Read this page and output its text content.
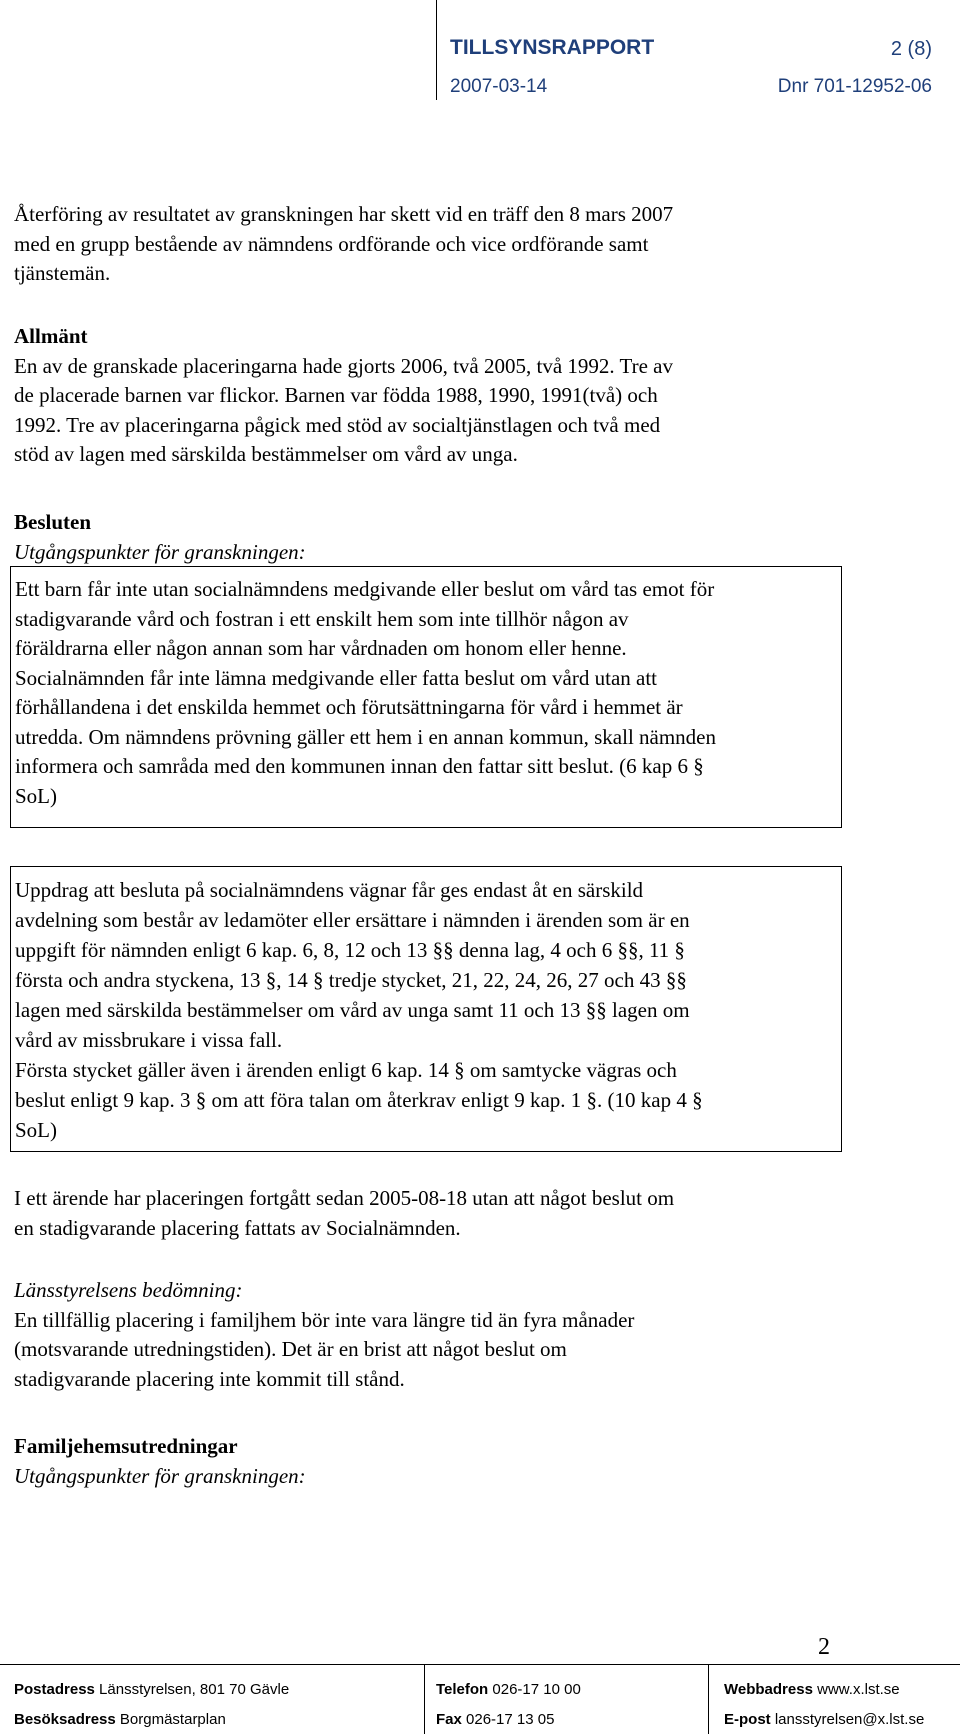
TILLSYNSRAPPORT	2 (8)
2007-03-14	Dnr 701-12952-06
Återföring av resultatet av granskningen har skett vid en träff den 8 mars 2007
med en grupp bestående av nämndens ordförande och vice ordförande samt
tjänstemän.
Allmänt
En av de granskade placeringarna hade gjorts 2006, två 2005, två 1992. Tre av
de placerade barnen var flickor. Barnen var födda 1988, 1990, 1991(två) och
1992. Tre av placeringarna pågick med stöd av socialtjänstlagen och två med
stöd av lagen med särskilda bestämmelser om vård av unga.
Besluten
Utgångspunkter för granskningen:
Ett barn får inte utan socialnämndens medgivande eller beslut om vård tas emot för
stadigvarande vård och fostran i ett enskilt hem som inte tillhör någon av
föräldrarna eller någon annan som har vårdnaden om honom eller henne.
Socialnämnden får inte lämna medgivande eller fatta beslut om vård utan att
förhållandena i det enskilda hemmet och förutsättningarna för vård i hemmet är
utredda. Om nämndens prövning gäller ett hem i en annan kommun, skall nämnden
informera och samråda med den kommunen innan den fattar sitt beslut. (6 kap 6 §
SoL)
Uppdrag att besluta på socialnämndens vägnar får ges endast åt en särskild
avdelning som består av ledamöter eller ersättare i nämnden i ärenden som är en
uppgift för nämnden enligt 6 kap. 6, 8, 12 och 13 §§ denna lag, 4 och 6 §§, 11 §
första och andra styckena, 13 §, 14 § tredje stycket, 21, 22, 24, 26, 27 och 43 §§
lagen med särskilda bestämmelser om vård av unga samt 11 och 13 §§ lagen om
vård av missbrukare i vissa fall.
Första stycket gäller även i ärenden enligt 6 kap. 14 § om samtycke vägras och
beslut enligt 9 kap. 3 § om att föra talan om återkrav enligt 9 kap. 1 §. (10 kap 4 §
SoL)
I ett ärende har placeringen fortgått sedan 2005-08-18 utan att något beslut om
en stadigvarande placering fattats av Socialnämnden.
Länsstyrelsens bedömning:
En tillfällig placering i familjhem bör inte vara längre tid än fyra månader
(motsvarande utredningstiden). Det är en brist att något beslut om
stadigvarande placering inte kommit till stånd.
Familjehemsutredningar
Utgångspunkter för granskningen:
2
Postadress Länsstyrelsen, 801 70 Gävle
Besöksadress Borgmästarplan
Telefon 026-17 10 00
Fax 026-17 13 05
Webbadress www.x.lst.se
E-post lansstyrelsen@x.lst.se
